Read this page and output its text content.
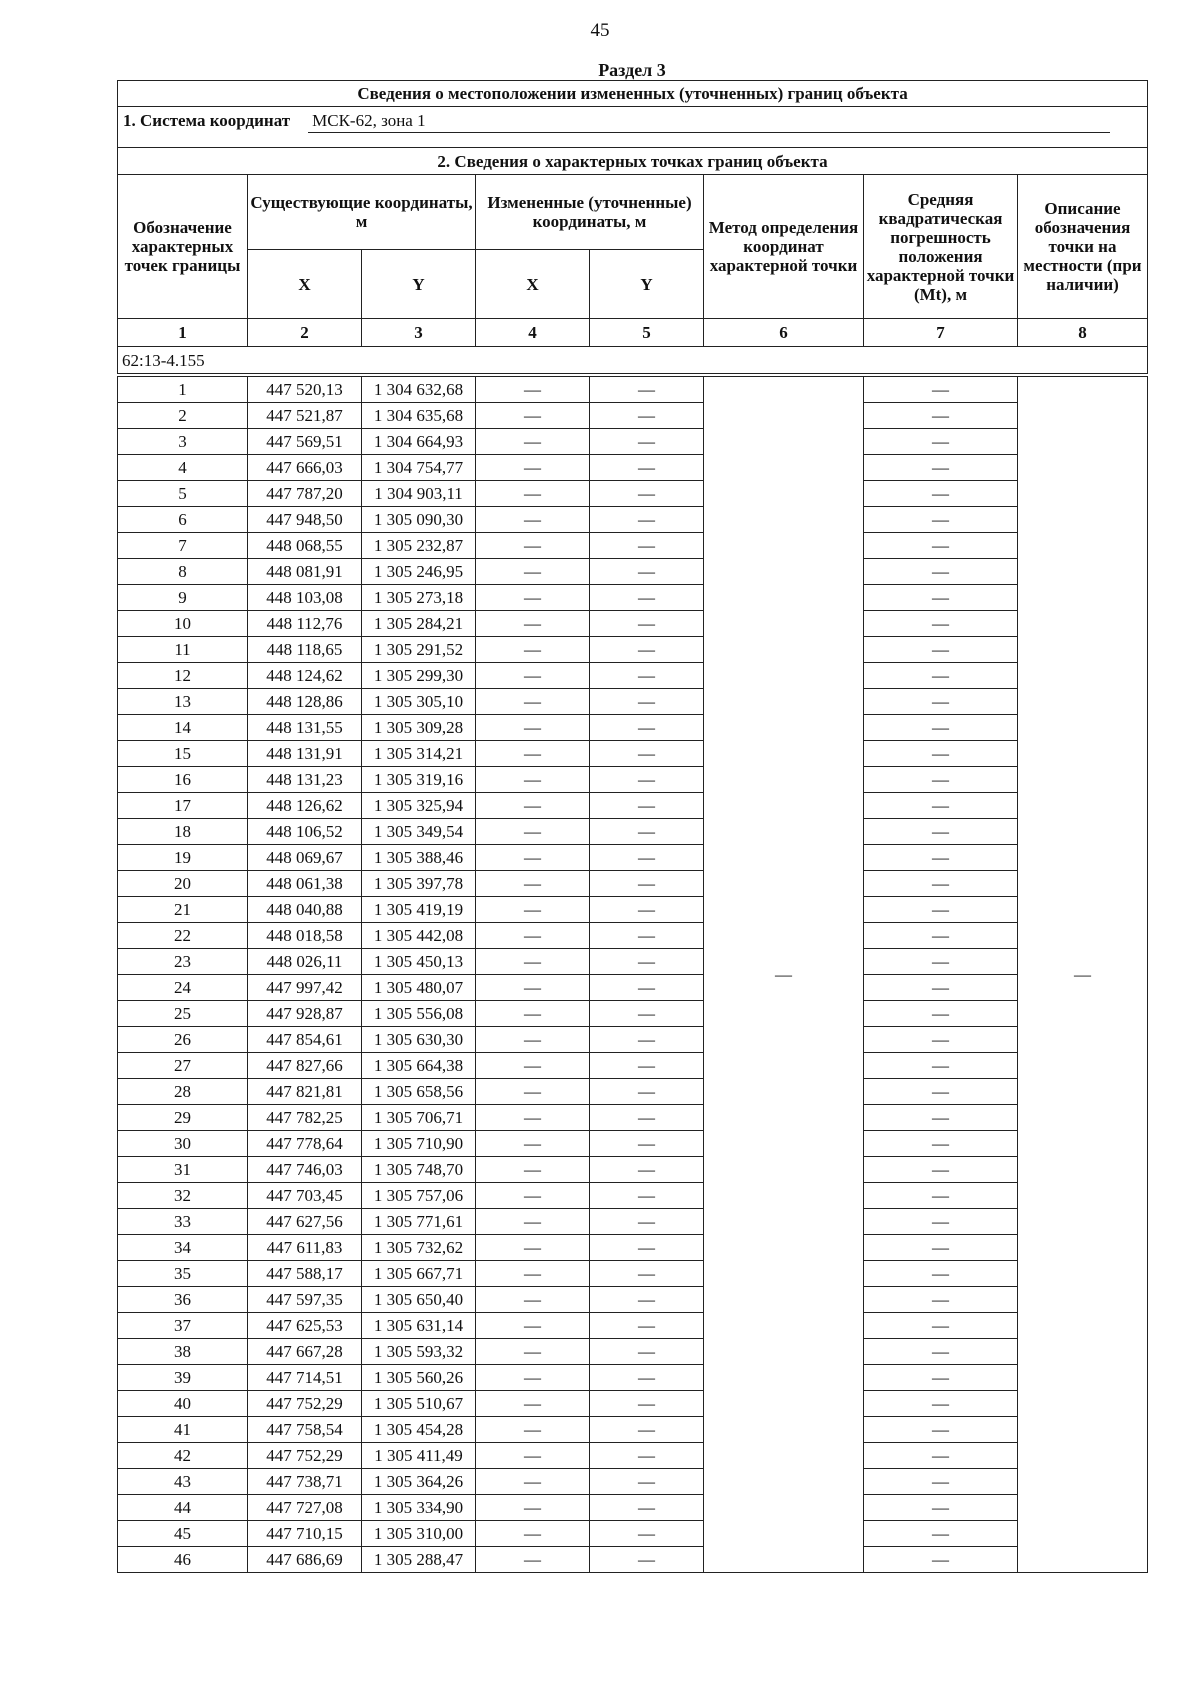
45
Раздел 3
Сведения о местоположении измененных (уточненных) границ объекта							
1. Система координат МСК-62, зона 1							

2. Сведения о характерных точках границ объекта							
Обозначение характерных точек границы	Существующие координаты, м		Измененные (уточненные) координаты, м		Метод определения координат характерной точки	Средняя квадратическая погрешность положения характерной точки (Mt), м	Описание обозначения точки на местности (при наличии)
	X	Y	X	Y			
1	2	3	4	5	6	7	8
62:13-4.155							

1	447 520,13	1 304 632,68	—	—	—	—	—
2	447 521,87	1 304 635,68	—	—		—	
3	447 569,51	1 304 664,93	—	—		—	
4	447 666,03	1 304 754,77	—	—		—	
5	447 787,20	1 304 903,11	—	—		—	
6	447 948,50	1 305 090,30	—	—		—	
7	448 068,55	1 305 232,87	—	—		—	
8	448 081,91	1 305 246,95	—	—		—	
9	448 103,08	1 305 273,18	—	—		—	
10	448 112,76	1 305 284,21	—	—		—	
11	448 118,65	1 305 291,52	—	—		—	
12	448 124,62	1 305 299,30	—	—		—	
13	448 128,86	1 305 305,10	—	—		—	
14	448 131,55	1 305 309,28	—	—		—	
15	448 131,91	1 305 314,21	—	—		—	
16	448 131,23	1 305 319,16	—	—		—	
17	448 126,62	1 305 325,94	—	—		—	
18	448 106,52	1 305 349,54	—	—		—	
19	448 069,67	1 305 388,46	—	—		—	
20	448 061,38	1 305 397,78	—	—		—	
21	448 040,88	1 305 419,19	—	—		—	
22	448 018,58	1 305 442,08	—	—		—	
23	448 026,11	1 305 450,13	—	—		—	
24	447 997,42	1 305 480,07	—	—		—	
25	447 928,87	1 305 556,08	—	—		—	
26	447 854,61	1 305 630,30	—	—		—	
27	447 827,66	1 305 664,38	—	—		—	
28	447 821,81	1 305 658,56	—	—		—	
29	447 782,25	1 305 706,71	—	—		—	
30	447 778,64	1 305 710,90	—	—		—	
31	447 746,03	1 305 748,70	—	—		—	
32	447 703,45	1 305 757,06	—	—		—	
33	447 627,56	1 305 771,61	—	—		—	
34	447 611,83	1 305 732,62	—	—		—	
35	447 588,17	1 305 667,71	—	—		—	
36	447 597,35	1 305 650,40	—	—		—	
37	447 625,53	1 305 631,14	—	—		—	
38	447 667,28	1 305 593,32	—	—		—	
39	447 714,51	1 305 560,26	—	—		—	
40	447 752,29	1 305 510,67	—	—		—	
41	447 758,54	1 305 454,28	—	—		—	
42	447 752,29	1 305 411,49	—	—		—	
43	447 738,71	1 305 364,26	—	—		—	
44	447 727,08	1 305 334,90	—	—		—	
45	447 710,15	1 305 310,00	—	—		—	
46	447 686,69	1 305 288,47	—	—		—	
